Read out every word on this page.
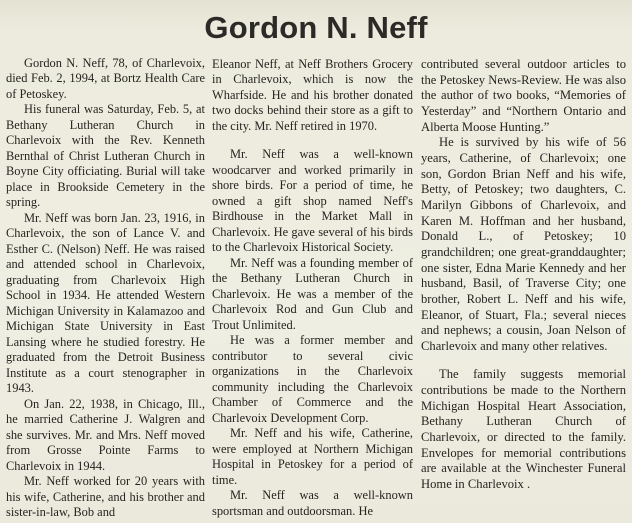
Gordon N. Neff

Gordon N. Neff, 78, of Charlevoix, died Feb. 2, 1994, at Bortz Health Care of Petoskey.

His funeral was Saturday, Feb. 5, at Bethany Lutheran Church in Charlevoix with the Rev. Kenneth Bernthal of Christ Lutheran Church in Boyne City officiating. Burial will take place in Brookside Cemetery in the spring.

Mr. Neff was born Jan. 23, 1916, in Charlevoix, the son of Lance V. and Esther C. (Nelson) Neff. He was raised and attended school in Charlevoix, graduating from Charlevoix High School in 1934. He attended Western Michigan University in Kalamazoo and Michigan State University in East Lansing where he studied forestry. He graduated from the Detroit Business Institute as a court stenographer in 1943.

On Jan. 22, 1938, in Chicago, Ill., he married Catherine J. Walgren and she survives. Mr. and Mrs. Neff moved from Grosse Pointe Farms to Charlevoix in 1944.

Mr. Neff worked for 20 years with his wife, Catherine, and his brother and sister-in-law, Bob and

Eleanor Neff, at Neff Brothers Grocery in Charlevoix, which is now the Wharfside. He and his brother donated two docks behind their store as a gift to the city. Mr. Neff retired in 1970.

Mr. Neff was a well-known woodcarver and worked primarily in shore birds. For a period of time, he owned a gift shop named Neff's Birdhouse in the Market Mall in Charlevoix. He gave several of his birds to the Charlevoix Historical Society.

Mr. Neff was a founding member of the Bethany Lutheran Church in Charlevoix. He was a member of the Charlevoix Rod and Gun Club and Trout Unlimited.

He was a former member and contributor to several civic organizations in the Charlevoix community including the Charlevoix Chamber of Commerce and the Charlevoix Development Corp.

Mr. Neff and his wife, Catherine, were employed at Northern Michigan Hospital in Petoskey for a period of time.

Mr. Neff was a well-known sportsman and outdoorsman. He

contributed several outdoor articles to the Petoskey News-Review. He was also the author of two books, “Memories of Yesterday” and “Northern Ontario and Alberta Moose Hunting.”

He is survived by his wife of 56 years, Catherine, of Charlevoix; one son, Gordon Brian Neff and his wife, Betty, of Petoskey; two daughters, C. Marilyn Gibbons of Charlevoix, and Karen M. Hoffman and her husband, Donald L., of Petoskey; 10 grandchildren; one great-granddaughter; one sister, Edna Marie Kennedy and her husband, Basil, of Traverse City; one brother, Robert L. Neff and his wife, Eleanor, of Stuart, Fla.; several nieces and nephews; a cousin, Joan Nelson of Charlevoix and many other relatives.

The family suggests memorial contributions be made to the Northern Michigan Hospital Heart Association, Bethany Lutheran Church of Charlevoix, or directed to the family. Envelopes for memorial contributions are available at the Winchester Funeral Home in Charlevoix .
